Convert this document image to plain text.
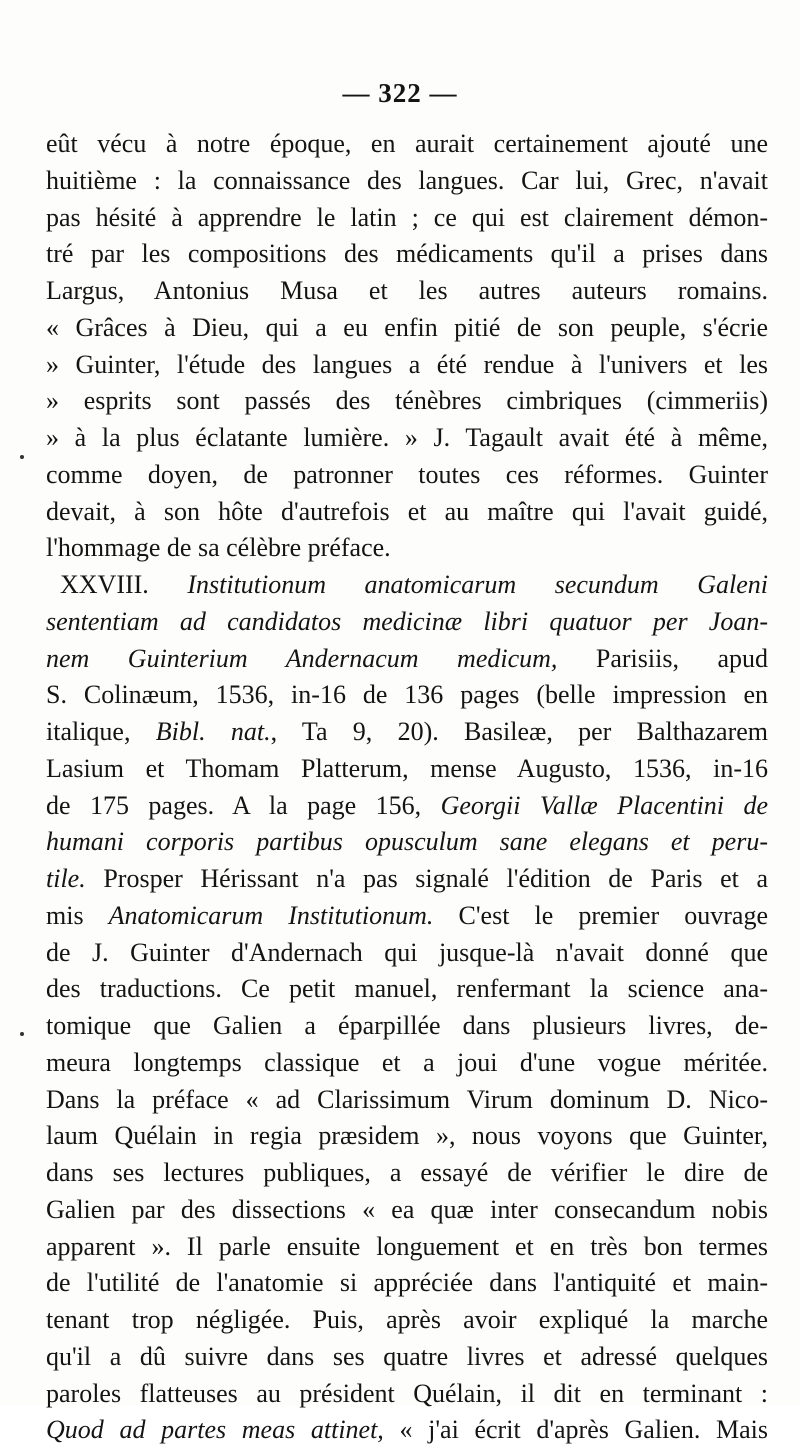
— 322 —
eût vécu à notre époque, en aurait certainement ajouté une
huitième : la connaissance des langues. Car lui, Grec, n'avait
pas hésité à apprendre le latin ; ce qui est clairement démon-
tré par les compositions des médicaments qu'il a prises dans
Largus, Antonius Musa et les autres auteurs romains.
« Grâces à Dieu, qui a eu enfin pitié de son peuple, s'écrie
» Guinter, l'étude des langues a été rendue à l'univers et les
» esprits sont passés des ténèbres cimbriques (cimmeriis)
» à la plus éclatante lumière. » J. Tagault avait été à même,
comme doyen, de patronner toutes ces réformes. Guinter
devait, à son hôte d'autrefois et au maître qui l'avait guidé,
l'hommage de sa célèbre préface.
XXVIII. Institutionum anatomicarum secundum Galeni
sententiam ad candidatos medicinæ libri quatuor per Joan-
nem Guinterium Andernacum medicum, Parisiis, apud
S. Colinæum, 1536, in-16 de 136 pages (belle impression en
italique, Bibl. nat., Ta 9, 20). Basileæ, per Balthazarem
Lasium et Thomam Platterum, mense Augusto, 1536, in-16
de 175 pages. A la page 156, Georgii Vallæ Placentini de
humani corporis partibus opusculum sane elegans et peru-
tile. Prosper Hérissant n'a pas signalé l'édition de Paris et a
mis Anatomicarum Institutionum. C'est le premier ouvrage
de J. Guinter d'Andernach qui jusque-là n'avait donné que
des traductions. Ce petit manuel, renfermant la science ana-
tomique que Galien a éparpillée dans plusieurs livres, de-
meura longtemps classique et a joui d'une vogue méritée.
Dans la préface « ad Clarissimum Virum dominum D. Nico-
laum Quélain in regia præsidem », nous voyons que Guinter,
dans ses lectures publiques, a essayé de vérifier le dire de
Galien par des dissections « ea quæ inter consecandum nobis
apparent ». Il parle ensuite longuement et en très bon termes
de l'utilité de l'anatomie si appréciée dans l'antiquité et main-
tenant trop négligée. Puis, après avoir expliqué la marche
qu'il a dû suivre dans ses quatre livres et adressé quelques
paroles flatteuses au président Quélain, il dit en terminant :
Quod ad partes meas attinet, « j'ai écrit d'après Galien. Mais
